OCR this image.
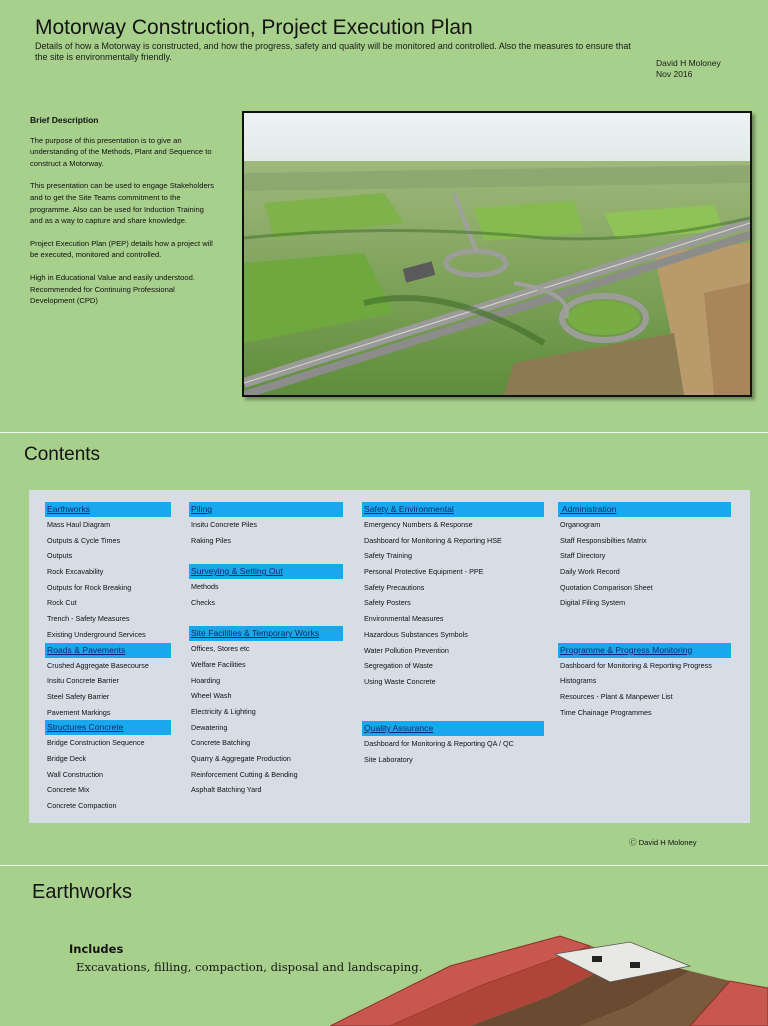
Motorway Construction, Project Execution Plan
Details of how a Motorway is constructed, and how the progress, safety and quality will be monitored and controlled. Also the measures to ensure that the site is environmentally friendly.
David H Moloney
Nov 2016
Brief Description

The purpose of this presentation is to give an understanding of the Methods, Plant and Sequence to construct a Motorway.

This presentation can be used to engage Stakeholders and to get the Site Teams commitment to the programme. Also can be used for Induction Training and as a way to capture and share knowledge.

Project Execution Plan (PEP) details how a project will be executed, monitored and controlled.

High in Educational Value and easily understood. Recommended for Continuing Professional Development (CPD)

Contents
Earthworks
Mass Haul Diagram
Outputs & Cycle Times
Outputs
Rock Excavability
Outputs for Rock Breaking
Rock Cut
Trench - Safety Measures
Existing Underground Services
Roads & Pavements
Crushed Aggregate Basecourse
Insitu Concrete Barrier
Steel Safety Barrier
Pavement Markings
Structures Concrete
Bridge Construction Sequence
Bridge Deck
Wall Construction
Concrete Mix
Concrete Compaction
Piling
Insitu Concrete Piles
Raking Piles
Surveying & Setting Out
Methods
Checks
Site Facilities & Temporary Works
Offices, Stores etc
Welfare Facilities
Hoarding
Wheel Wash
Electricity & Lighting
Dewatering
Concrete Batching
Quarry & Aggregate Production
Reinforcement Cutting & Bending
Asphalt Batching Yard
Safety & Environmental
Emergency Numbers & Response
Dashboard for Monitoring & Reporting HSE
Safety Training
Personal Protective Equipment - PPE
Safety Precautions
Safety Posters
Environmental Measures
Hazardous Substances Symbols
Water Pollution Prevention
Segregation of Waste
Using Waste Concrete
Quality Assurance
Dashboard for Monitoring & Reporting QA / QC
Site Laboratory
Administration
Organogram
Staff Responsibilties Matrix
Staff Directory
Daily Work Record
Quotation Comparison Sheet
Digital Filing System
Programme & Progress Monitoring
Dashboard for Monitoring & Reporting Progress
Histograms
Resources - Plant & Manpewer List
Time Chainage Programmes
Ⓒ David H Moloney
Earthworks
Includes
Excavations, filling, compaction, disposal and landscaping.
